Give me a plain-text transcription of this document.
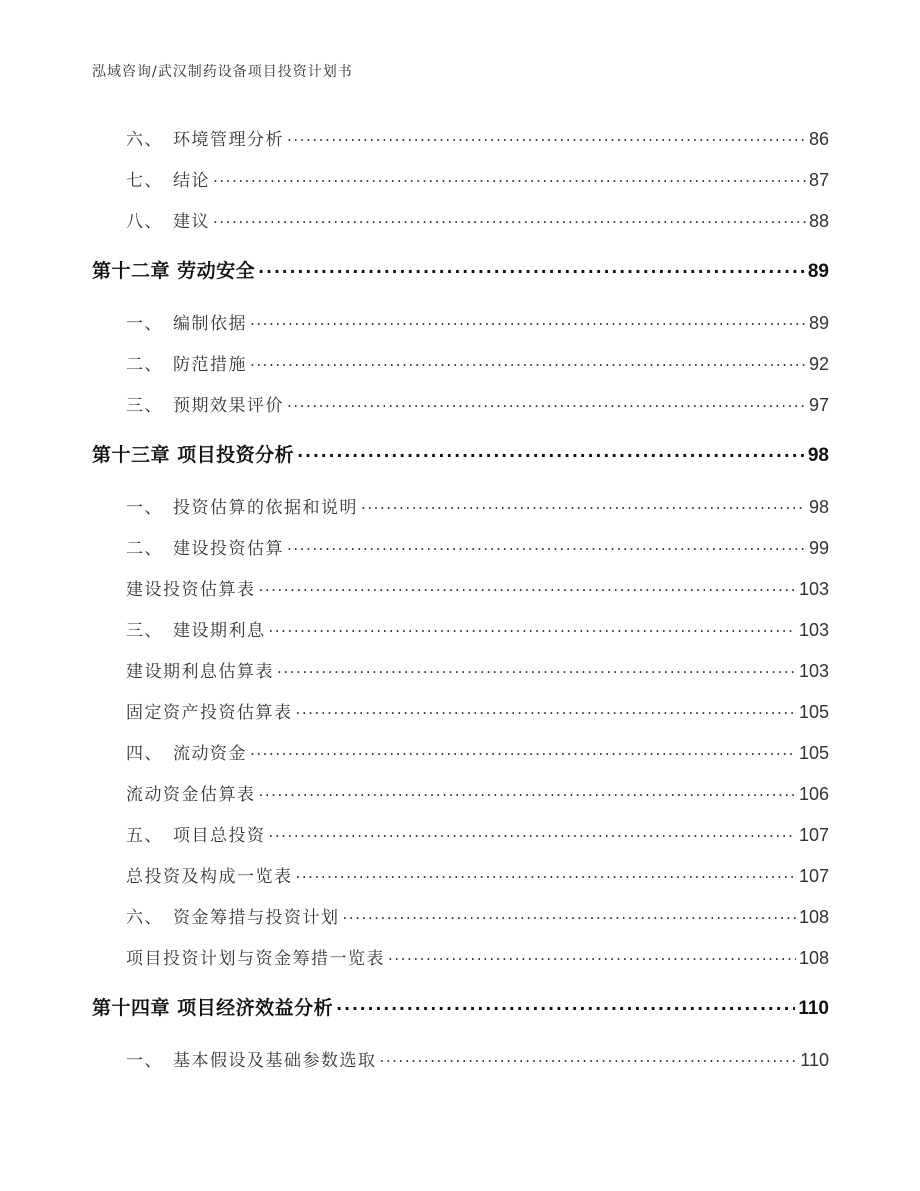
泓域咨询/武汉制药设备项目投资计划书
六、 环境管理分析 . . .	86
七、 结论 . . .	87
八、 建议 . . .	88
第十二章 劳动安全 . . .	89
一、 编制依据 . . .	89
二、 防范措施 . . .	92
三、 预期效果评价 . . .	97
第十三章 项目投资分析 . . .	98
一、 投资估算的依据和说明 . . .	98
二、 建设投资估算 . . .	99
建设投资估算表 . . .	103
三、 建设期利息 . . .	103
建设期利息估算表 . . .	103
固定资产投资估算表 . . .	105
四、 流动资金 . . .	105
流动资金估算表 . . .	106
五、 项目总投资 . . .	107
总投资及构成一览表 . . .	107
六、 资金筹措与投资计划 . . .	108
项目投资计划与资金筹措一览表 . . .	108
第十四章 项目经济效益分析 . . .	110
一、 基本假设及基础参数选取 . . .	110
